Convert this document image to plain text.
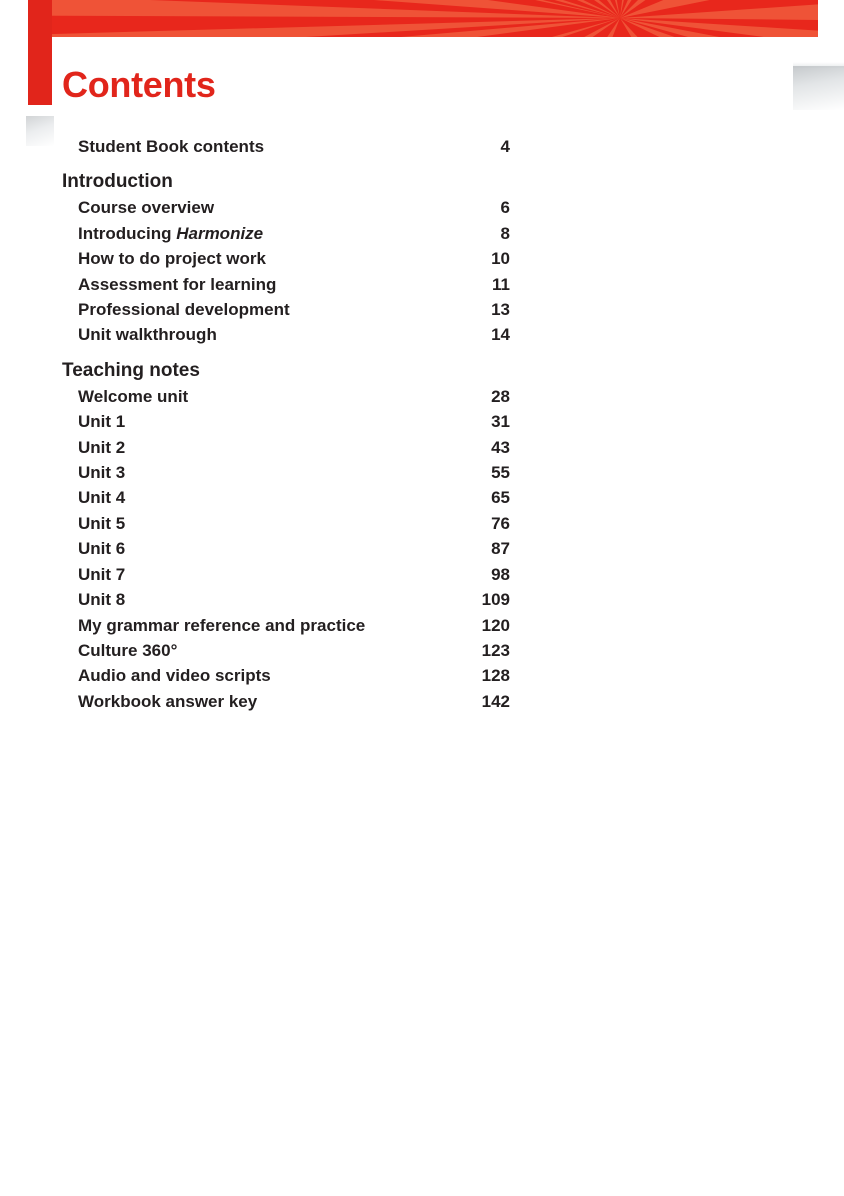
Contents
Student Book contents	4
Introduction
Course overview	6
Introducing Harmonize	8
How to do project work	10
Assessment for learning	11
Professional development	13
Unit walkthrough	14
Teaching notes
Welcome unit	28
Unit 1	31
Unit 2	43
Unit 3	55
Unit 4	65
Unit 5	76
Unit 6	87
Unit 7	98
Unit 8	109
My grammar reference and practice	120
Culture 360°	123
Audio and video scripts	128
Workbook answer key	142
